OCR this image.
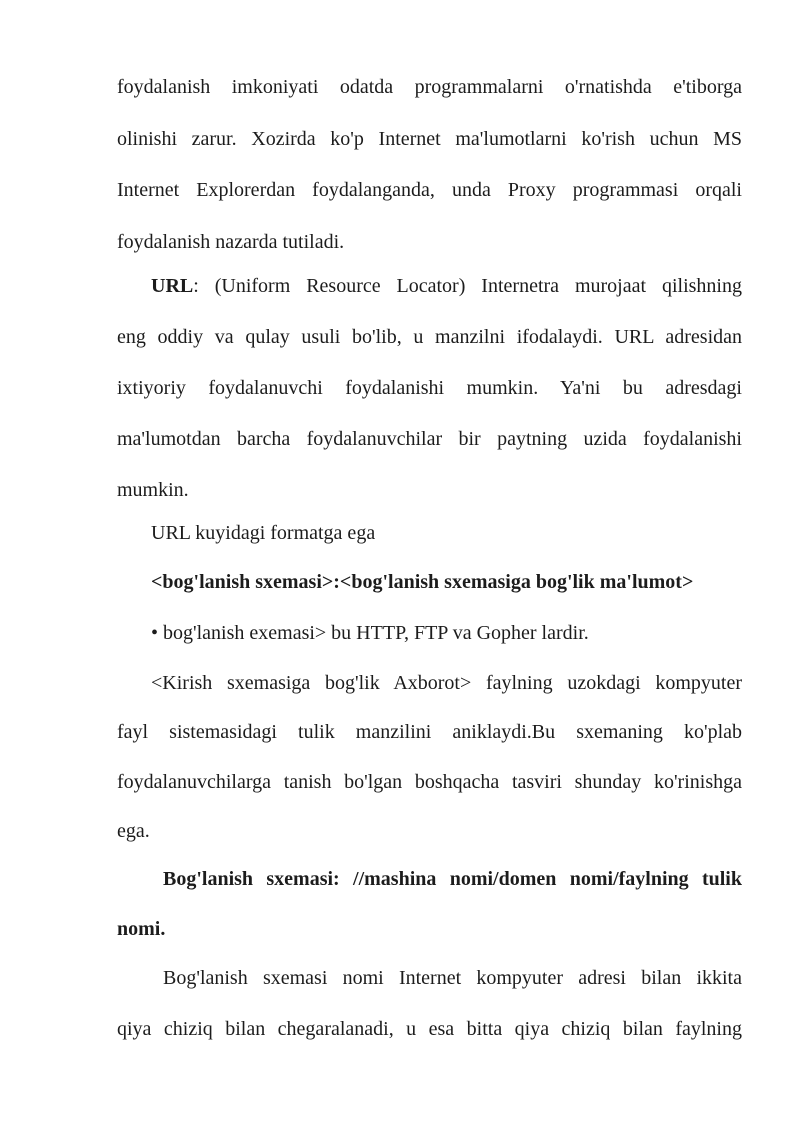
foydalanish imkoniyati odatda programmalarni o'rnatishda e'tiborga
olinishi zarur. Xozirda ko'p Internet ma'lumotlarni ko'rish uchun MS
Internet Explorerdan foydalanganda, unda Proxy programmasi orqali
foydalanish nazarda tutiladi.
URL: (Uniform Resource Locator) Internetra murojaat qilishning
eng oddiy va qulay usuli bo'lib, u manzilni ifodalaydi. URL adresidan
ixtiyoriy foydalanuvchi foydalanishi mumkin. Ya'ni bu adresdagi
ma'lumotdan barcha foydalanuvchilar bir paytning uzida foydalanishi
mumkin.
URL kuyidagi formatga ega
<bog'lanish sxemasi>:<bog'lanish sxemasiga bog'lik ma'lumot>
• bog'lanish exemasi> bu HTTP, FTP va Gopher lardir.
<Kirish sxemasiga bog'lik Axborot> faylning uzokdagi kompyuter
fayl sistemasidagi tulik manzilini aniklaydi.Bu sxemaning ko'plab
foydalanuvchilarga tanish bo'lgan boshqacha tasviri shunday ko'rinishga
ega.
Bog'lanish sxemasi: //mashina nomi/domen nomi/faylning tulik
nomi.
Bog'lanish sxemasi nomi Internet kompyuter adresi bilan ikkita
qiya chiziq bilan chegaralanadi, u esa bitta qiya chiziq bilan faylning
